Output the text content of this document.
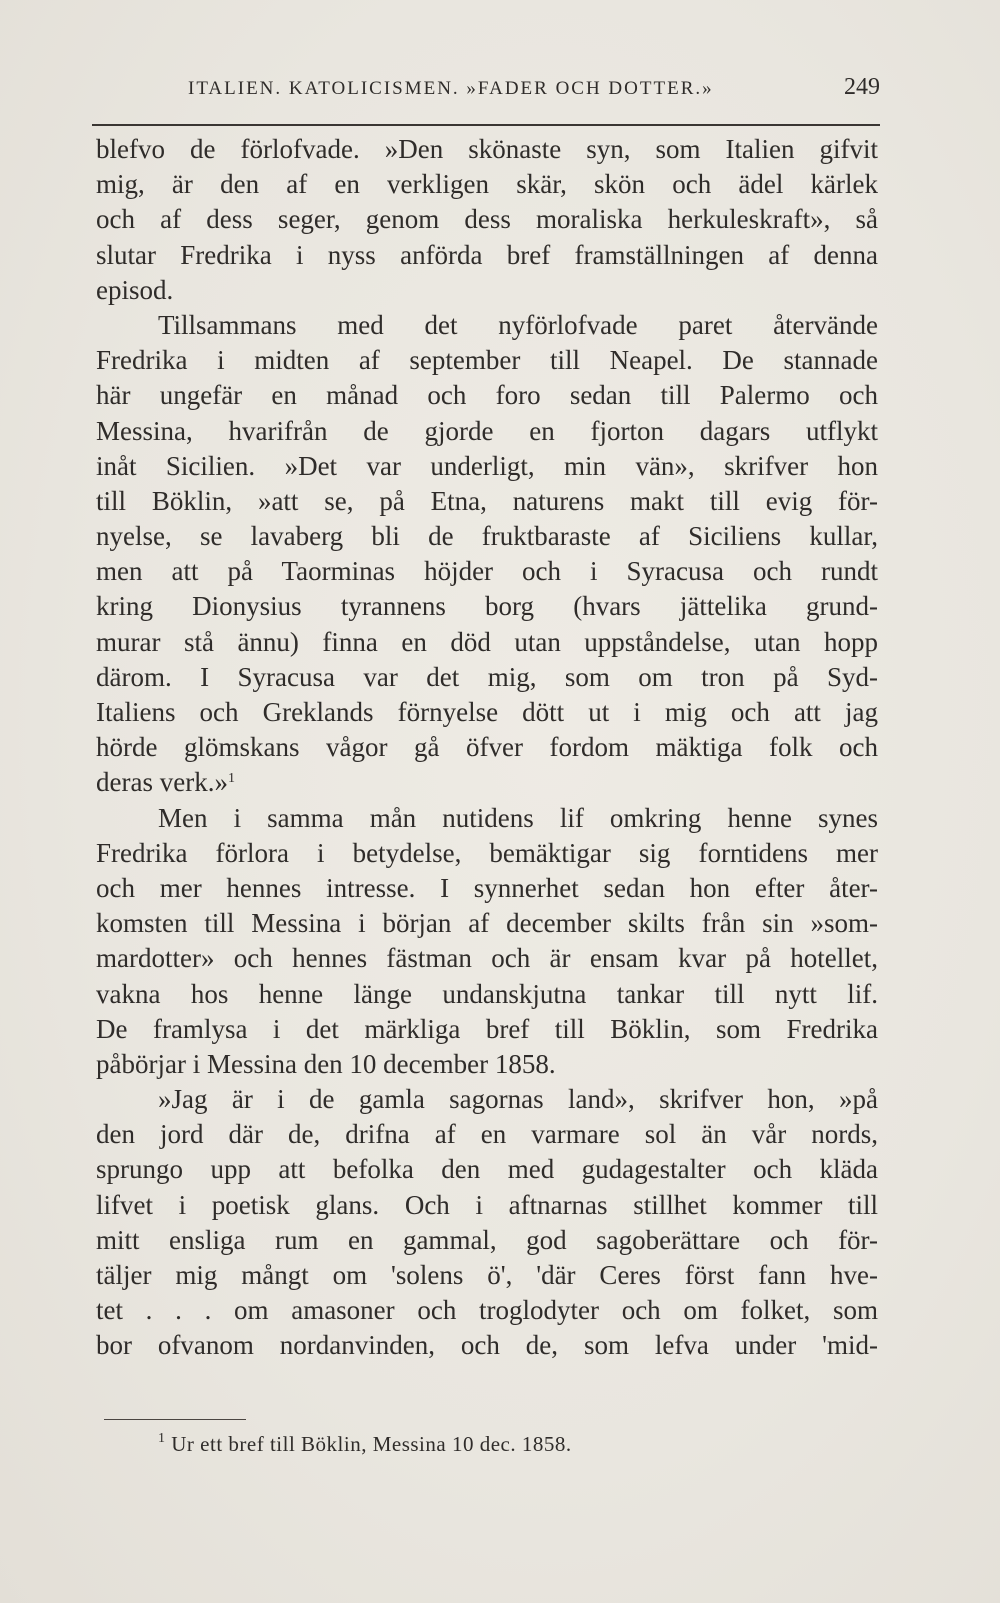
ITALIEN. KATOLICISMEN. »FADER OCH DOTTER.»	249
blefvo de förlofvade. »Den skönaste syn, som Italien gifvit
mig, är den af en verkligen skär, skön och ädel kärlek
och af dess seger, genom dess moraliska herkuleskraft», så
slutar Fredrika i nyss anförda bref framställningen af denna
episod.
Tillsammans med det nyförlofvade paret återvände
Fredrika i midten af september till Neapel. De stannade
här ungefär en månad och foro sedan till Palermo och
Messina, hvarifrån de gjorde en fjorton dagars utflykt
inåt Sicilien. »Det var underligt, min vän», skrifver hon
till Böklin, »att se, på Etna, naturens makt till evig för-
nyelse, se lavaberg bli de fruktbaraste af Siciliens kullar,
men att på Taorminas höjder och i Syracusa och rundt
kring Dionysius tyrannens borg (hvars jättelika grund-
murar stå ännu) finna en död utan uppståndelse, utan hopp
därom. I Syracusa var det mig, som om tron på Syd-
Italiens och Greklands förnyelse dött ut i mig och att jag
hörde glömskans vågor gå öfver fordom mäktiga folk och
deras verk.»$^1$
Men i samma mån nutidens lif omkring henne synes
Fredrika förlora i betydelse, bemäktigar sig forntidens mer
och mer hennes intresse. I synnerhet sedan hon efter åter-
komsten till Messina i början af december skilts från sin »som-
mardotter» och hennes fästman och är ensam kvar på hotellet,
vakna hos henne länge undanskjutna tankar till nytt lif.
De framlysa i det märkliga bref till Böklin, som Fredrika
påbörjar i Messina den 10 december 1858.
»Jag är i de gamla sagornas land», skrifver hon, »på
den jord där de, drifna af en varmare sol än vår nords,
sprungo upp att befolka den med gudagestalter och kläda
lifvet i poetisk glans. Och i aftnarnas stillhet kommer till
mitt ensliga rum en gammal, god sagoberättare och för-
täljer mig mångt om 'solens ö', 'där Ceres först fann hve-
tet . . . om amasoner och troglodyter och om folket, som
bor ofvanom nordanvinden, och de, som lefva under 'mid-
$^1$ Ur ett bref till Böklin, Messina 10 dec. 1858.
